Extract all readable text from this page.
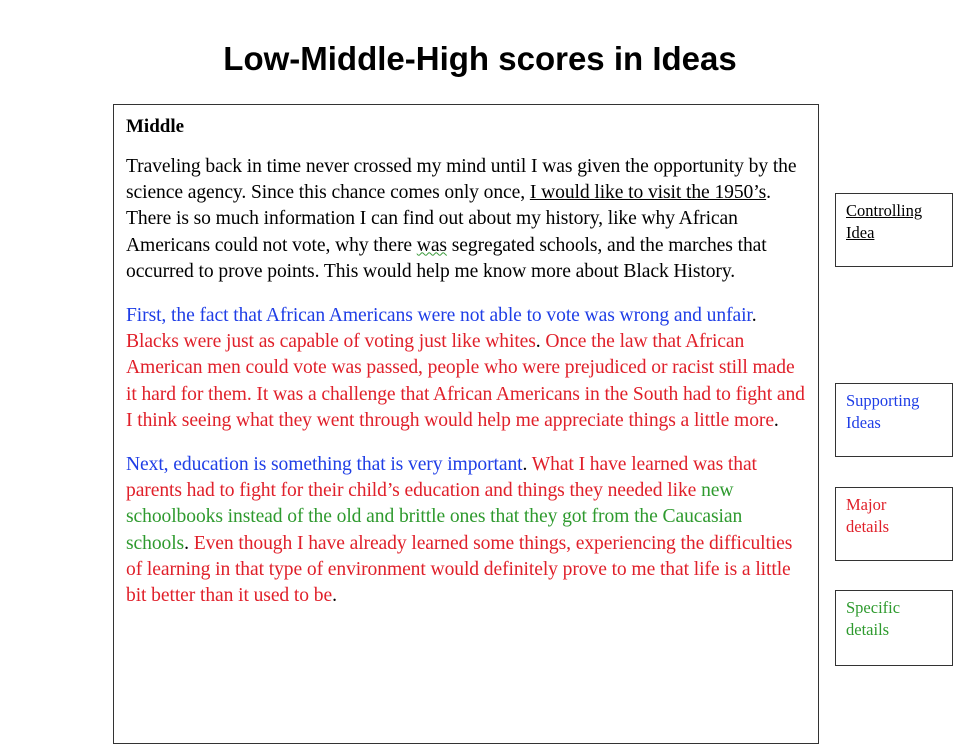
Low-Middle-High scores in Ideas
Middle

Traveling back in time never crossed my mind until I was given the opportunity by the science agency. Since this chance comes only once, I would like to visit the 1950’s. There is so much information I can find out about my history, like why African Americans could not vote, why there was segregated schools, and the marches that occurred to prove points. This would help me know more about Black History.

First, the fact that African Americans were not able to vote was wrong and unfair. Blacks were just as capable of voting just like whites. Once the law that African American men could vote was passed, people who were prejudiced or racist still made it hard for them. It was a challenge that African Americans in the South had to fight and I think seeing what they went through would help me appreciate things a little more.

Next, education is something that is very important. What I have learned was that parents had to fight for their child’s education and things they needed like new schoolbooks instead of the old and brittle ones that they got from the Caucasian schools. Even though I have already learned some things, experiencing the difficulties of learning in that type of environment would definitely prove to me that life is a little bit better than it used to be.

Controlling
Idea
Supporting
Ideas
Major
details
Specific
details
